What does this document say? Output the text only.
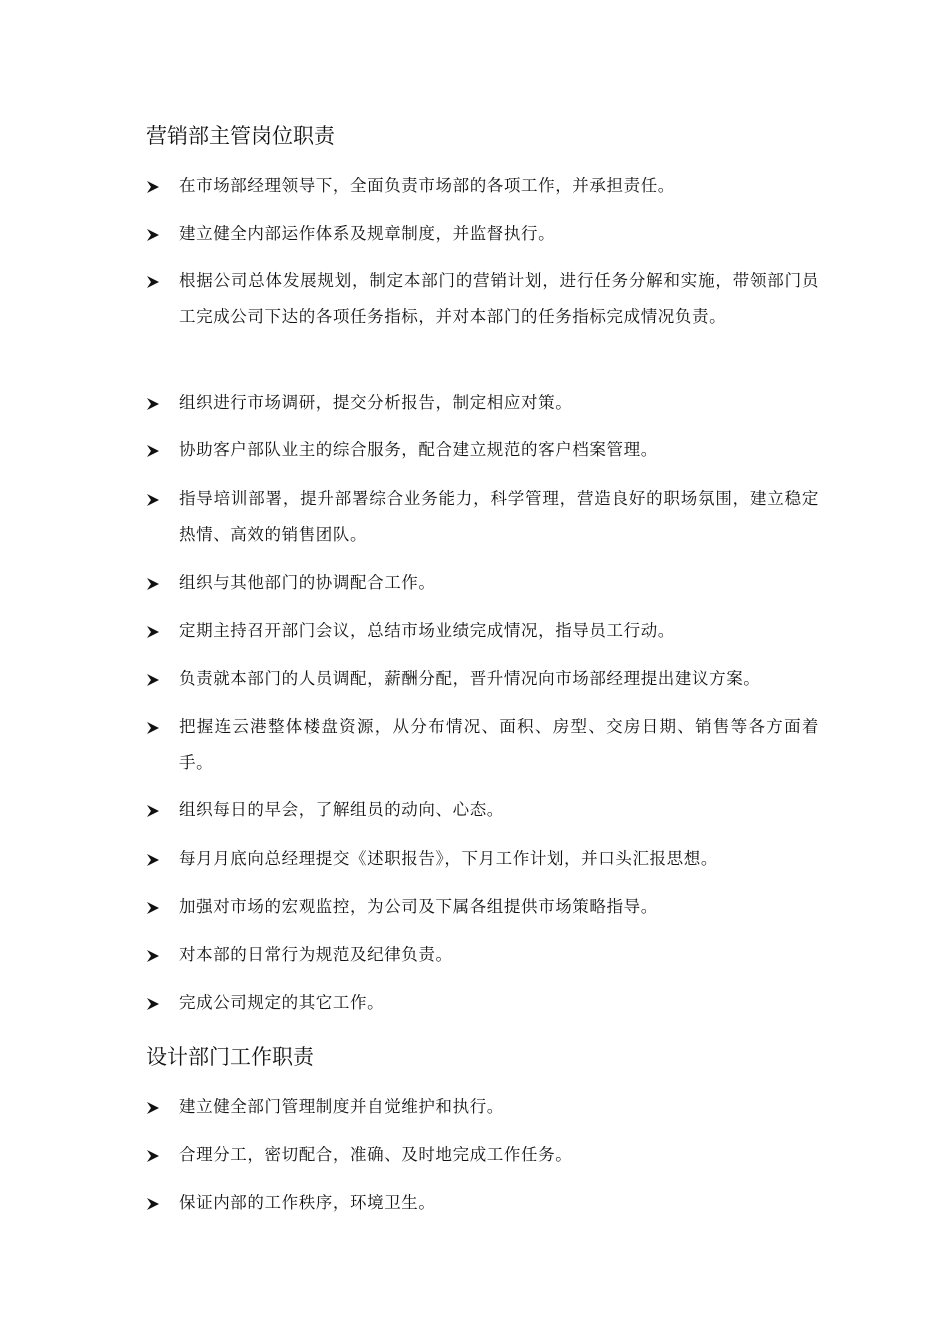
营销部主管岗位职责
在市场部经理领导下，全面负责市场部的各项工作，并承担责任。
建立健全内部运作体系及规章制度，并监督执行。
根据公司总体发展规划，制定本部门的营销计划，进行任务分解和实施，带领部门员工完成公司下达的各项任务指标，并对本部门的任务指标完成情况负责。
组织进行市场调研，提交分析报告，制定相应对策。
协助客户部队业主的综合服务，配合建立规范的客户档案管理。
指导培训部署，提升部署综合业务能力，科学管理，营造良好的职场氛围，建立稳定热情、高效的销售团队。
组织与其他部门的协调配合工作。
定期主持召开部门会议，总结市场业绩完成情况，指导员工行动。
负责就本部门的人员调配，薪酬分配，晋升情况向市场部经理提出建议方案。
把握连云港整体楼盘资源，从分布情况、面积、房型、交房日期、销售等各方面着手。
组织每日的早会，了解组员的动向、心态。
每月月底向总经理提交《述职报告》，下月工作计划，并口头汇报思想。
加强对市场的宏观监控，为公司及下属各组提供市场策略指导。
对本部的日常行为规范及纪律负责。
完成公司规定的其它工作。
设计部门工作职责
建立健全部门管理制度并自觉维护和执行。
合理分工，密切配合，准确、及时地完成工作任务。
保证内部的工作秩序，环境卫生。
